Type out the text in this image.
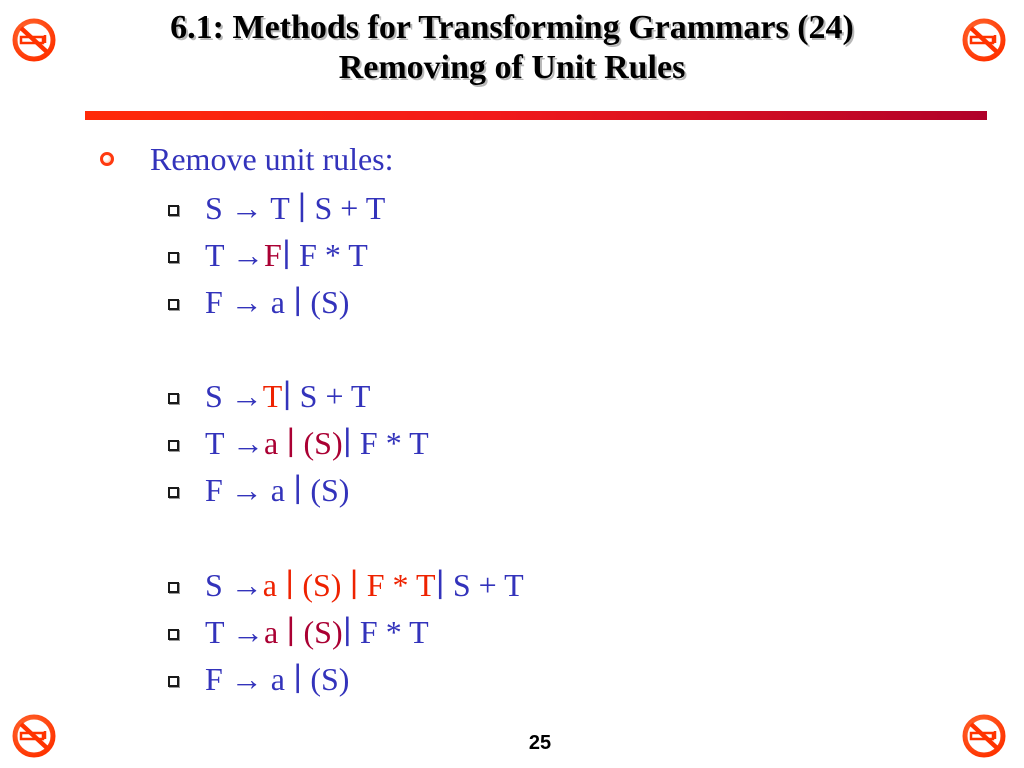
6.1: Methods for Transforming Grammars (24)
Removing of Unit Rules
Remove unit rules:
S → T ∣ S + T
T → F ∣ F * T
F → a ∣ (S)
S → T ∣ S + T
T → a ∣ (S) ∣ F * T
F → a ∣ (S)
S → a ∣ (S) ∣ F * T ∣ S + T
T → a ∣ (S) ∣ F * T
F → a ∣ (S)
25
